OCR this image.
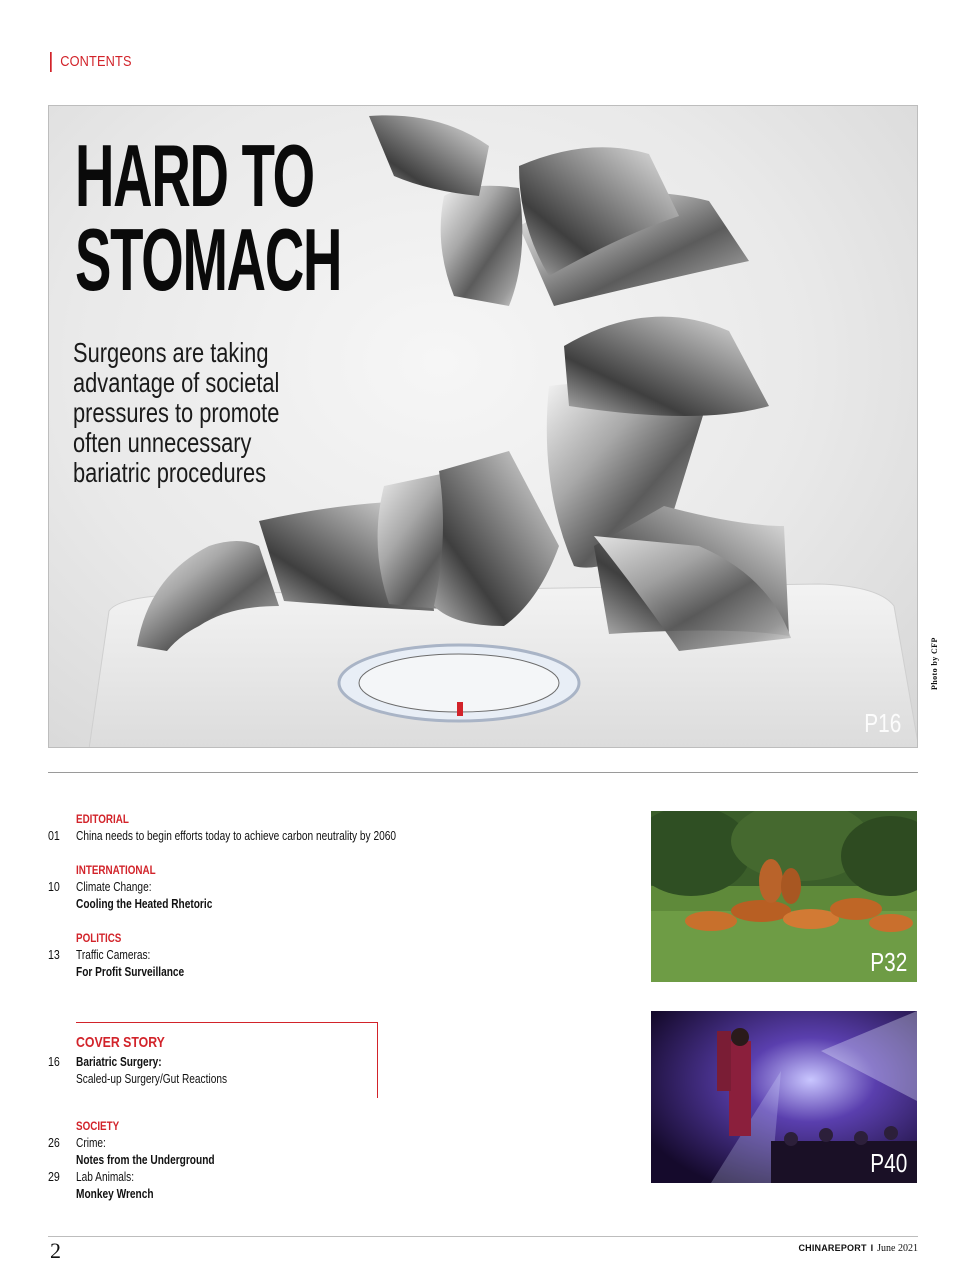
CONTENTS
HARD TO
STOMACH
Surgeons are taking advantage of societal pressures to promote often unnecessary bariatric procedures
P16
Photo by CFP
EDITORIAL
01	China needs to begin efforts today to achieve carbon neutrality by 2060
INTERNATIONAL
10	Climate Change:
Cooling the Heated Rhetoric
POLITICS
13	Traffic Cameras:
For Profit Surveillance
COVER STORY
16	Bariatric Surgery:
Scaled-up Surgery/Gut Reactions
SOCIETY
26	Crime:
Notes from the Underground
29	Lab Animals:
Monkey Wrench
P32
P40
2	CHINAREPORT I June 2021
